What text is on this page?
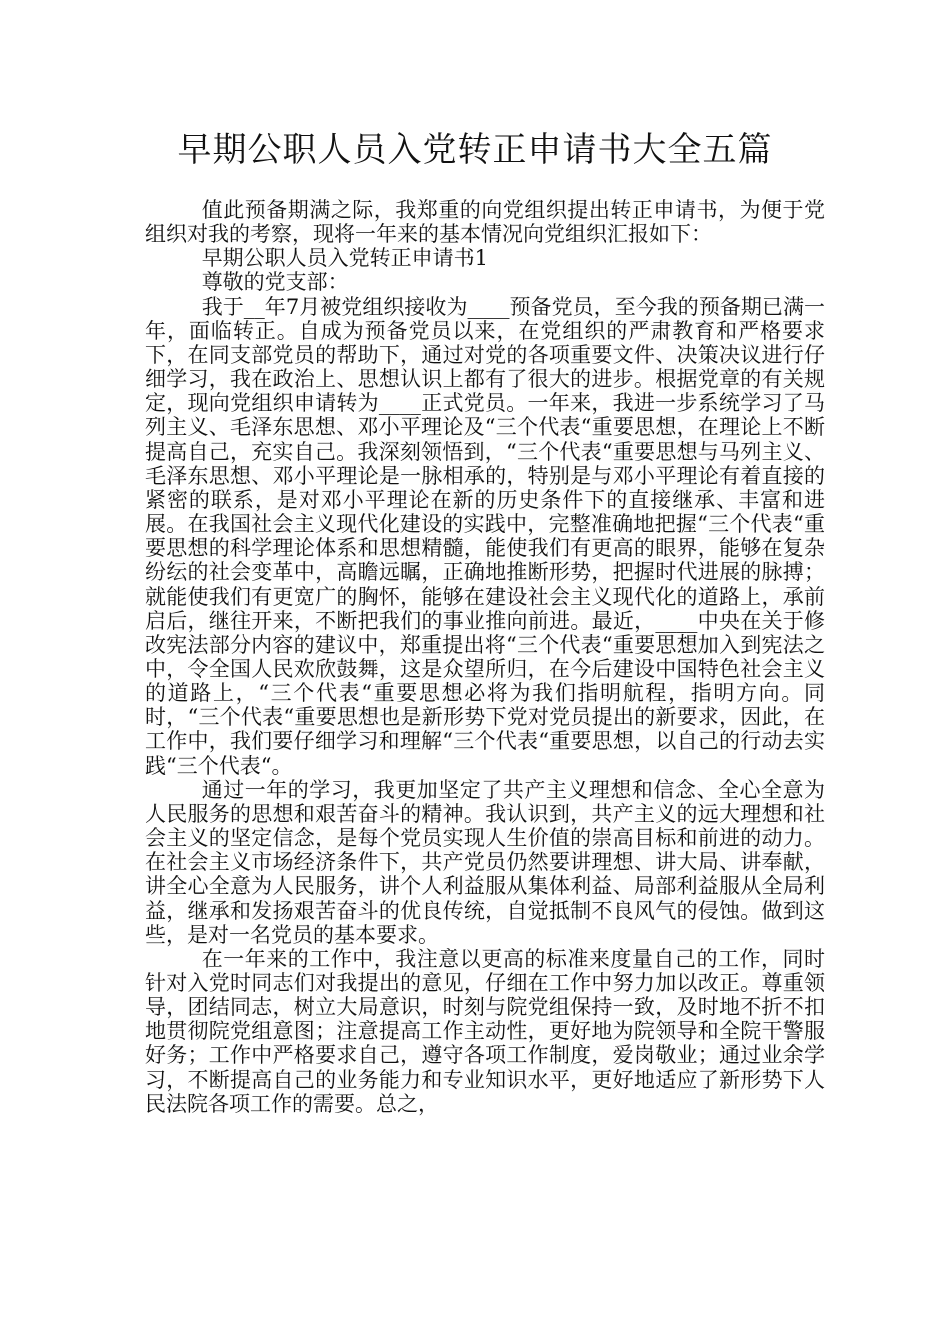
早期公职人员入党转正申请书大全五篇

值此预备期满之际，我郑重的向党组织提出转正申请书，为便于党组织对我的考察，现将一年来的基本情况向党组织汇报如下：

早期公职人员入党转正申请书1

尊敬的党支部：

我于__年7月被党组织接收为____预备党员，至今我的预备期已满一年，面临转正。自成为预备党员以来，在党组织的严肃教育和严格要求下，在同支部党员的帮助下，通过对党的各项重要文件、决策决议进行仔细学习，我在政治上、思想认识上都有了很大的进步。根据党章的有关规定，现向党组织申请转为____正式党员。一年来，我进一步系统学习了马列主义、毛泽东思想、邓小平理论及“三个代表“重要思想，在理论上不断提高自己，充实自己。我深刻领悟到，“三个代表“重要思想与马列主义、毛泽东思想、邓小平理论是一脉相承的，特别是与邓小平理论有着直接的紧密的联系，是对邓小平理论在新的历史条件下的直接继承、丰富和进展。在我国社会主义现代化建设的实践中，完整准确地把握“三个代表“重要思想的科学理论体系和思想精髓，能使我们有更高的眼界，能够在复杂纷纭的社会变革中，高瞻远瞩，正确地推断形势，把握时代进展的脉搏；就能使我们有更宽广的胸怀，能够在建设社会主义现代化的道路上，承前启后，继往开来，不断把我们的事业推向前进。最近，____中央在关于修改宪法部分内容的建议中，郑重提出将“三个代表“重要思想加入到宪法之中，令全国人民欢欣鼓舞，这是众望所归，在今后建设中国特色社会主义的道路上，“三个代表“重要思想必将为我们指明航程，指明方向。同时，“三个代表“重要思想也是新形势下党对党员提出的新要求，因此，在工作中，我们要仔细学习和理解“三个代表“重要思想，以自己的行动去实践“三个代表“。

通过一年的学习，我更加坚定了共产主义理想和信念、全心全意为人民服务的思想和艰苦奋斗的精神。我认识到，共产主义的远大理想和社会主义的坚定信念，是每个党员实现人生价值的崇高目标和前进的动力。在社会主义市场经济条件下，共产党员仍然要讲理想、讲大局、讲奉献，讲全心全意为人民服务，讲个人利益服从集体利益、局部利益服从全局利益，继承和发扬艰苦奋斗的优良传统，自觉抵制不良风气的侵蚀。做到这些，是对一名党员的基本要求。

在一年来的工作中，我注意以更高的标准来度量自己的工作，同时针对入党时同志们对我提出的意见，仔细在工作中努力加以改正。尊重领导，团结同志，树立大局意识，时刻与院党组保持一致，及时地不折不扣地贯彻院党组意图；注意提高工作主动性，更好地为院领导和全院干警服好务；工作中严格要求自己，遵守各项工作制度，爱岗敬业；通过业余学习，不断提高自己的业务能力和专业知识水平，更好地适应了新形势下人民法院各项工作的需要。总之，
